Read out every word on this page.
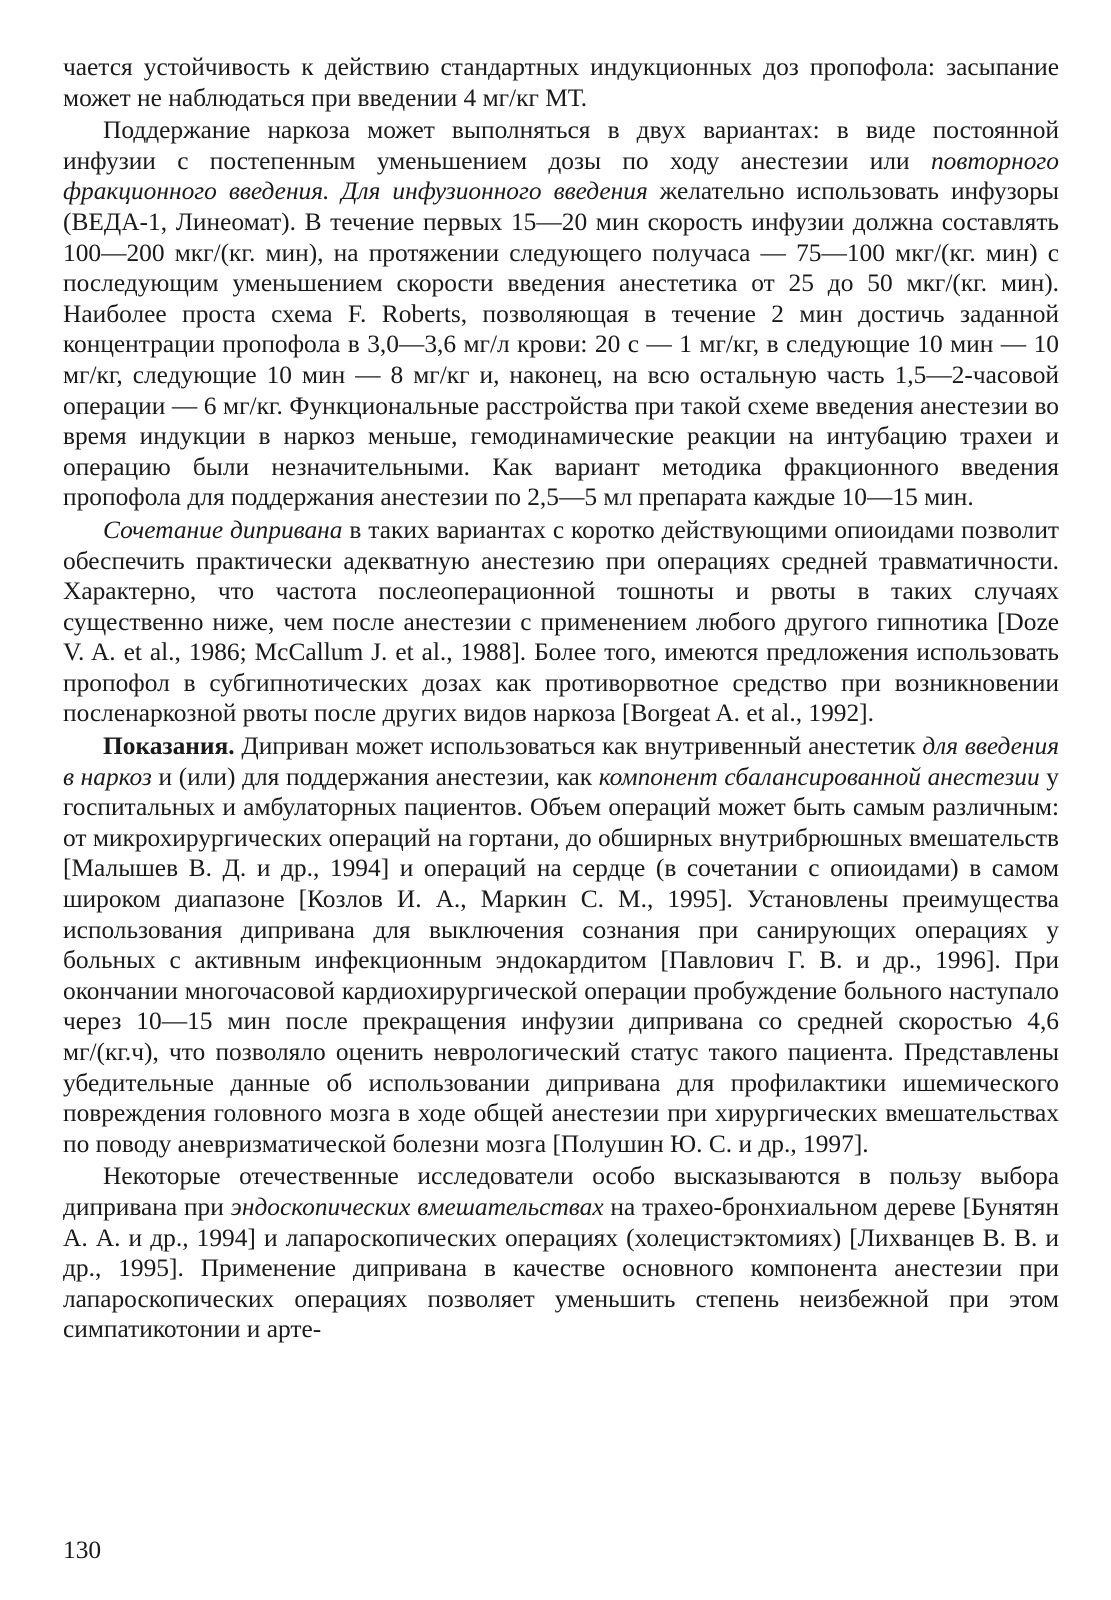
чается устойчивость к действию стандартных индукционных доз пропофола: засыпание может не наблюдаться при введении 4 мг/кг МТ.

Поддержание наркоза может выполняться в двух вариантах: в виде постоянной инфузии с постепенным уменьшением дозы по ходу анестезии или повторного фракционного введения. Для инфузионного введения желательно использовать инфузоры (ВЕДА-1, Линеомат). В течение первых 15—20 мин скорость инфузии должна составлять 100—200 мкг/(кг. мин), на протяжении следующего получаса — 75—100 мкг/(кг. мин) с последующим уменьшением скорости введения анестетика от 25 до 50 мкг/(кг. мин). Наиболее проста схема F. Roberts, позволяющая в течение 2 мин достичь заданной концентрации пропофола в 3,0—3,6 мг/л крови: 20 с — 1 мг/кг, в следующие 10 мин — 10 мг/кг, следующие 10 мин — 8 мг/кг и, наконец, на всю остальную часть 1,5—2-часовой операции — 6 мг/кг. Функциональные расстройства при такой схеме введения анестезии во время индукции в наркоз меньше, гемодинамические реакции на интубацию трахеи и операцию были незначительными. Как вариант методика фракционного введения пропофола для поддержания анестезии по 2,5—5 мл препарата каждые 10—15 мин.

Сочетание дипривана в таких вариантах с коротко действующими опиоидами позволит обеспечить практически адекватную анестезию при операциях средней травматичности. Характерно, что частота послеоперационной тошноты и рвоты в таких случаях существенно ниже, чем после анестезии с применением любого другого гипнотика [Doze V. A. et al., 1986; McCallum J. et al., 1988]. Более того, имеются предложения использовать пропофол в субгипнотических дозах как противорвотное средство при возникновении посленаркозной рвоты после других видов наркоза [Borgeat A. et al., 1992].

Показания. Диприван может использоваться как внутривенный анестетик для введения в наркоз и (или) для поддержания анестезии, как компонент сбалансированной анестезии у госпитальных и амбулаторных пациентов. Объем операций может быть самым различным: от микрохирургических операций на гортани, до обширных внутрибрюшных вмешательств [Малышев В. Д. и др., 1994] и операций на сердце (в сочетании с опиоидами) в самом широком диапазоне [Козлов И. А., Маркин С. М., 1995]. Установлены преимущества использования дипривана для выключения сознания при санирующих операциях у больных с активным инфекционным эндокардитом [Павлович Г. В. и др., 1996]. При окончании многочасовой кардиохирургической операции пробуждение больного наступало через 10—15 мин после прекращения инфузии дипривана со средней скоростью 4,6 мг/(кг.ч), что позволяло оценить неврологический статус такого пациента. Представлены убедительные данные об использовании дипривана для профилактики ишемического повреждения головного мозга в ходе общей анестезии при хирургических вмешательствах по поводу аневризматической болезни мозга [Полушин Ю. С. и др., 1997].

Некоторые отечественные исследователи особо высказываются в пользу выбора дипривана при эндоскопических вмешательствах на трахео-бронхиальном дереве [Бунятян А. А. и др., 1994] и лапароскопических операциях (холецистэктомиях) [Лихванцев В. В. и др., 1995]. Применение дипривана в качестве основного компонента анестезии при лапароскопических операциях позволяет уменьшить степень неизбежной при этом симпатикотонии и арте-

130
